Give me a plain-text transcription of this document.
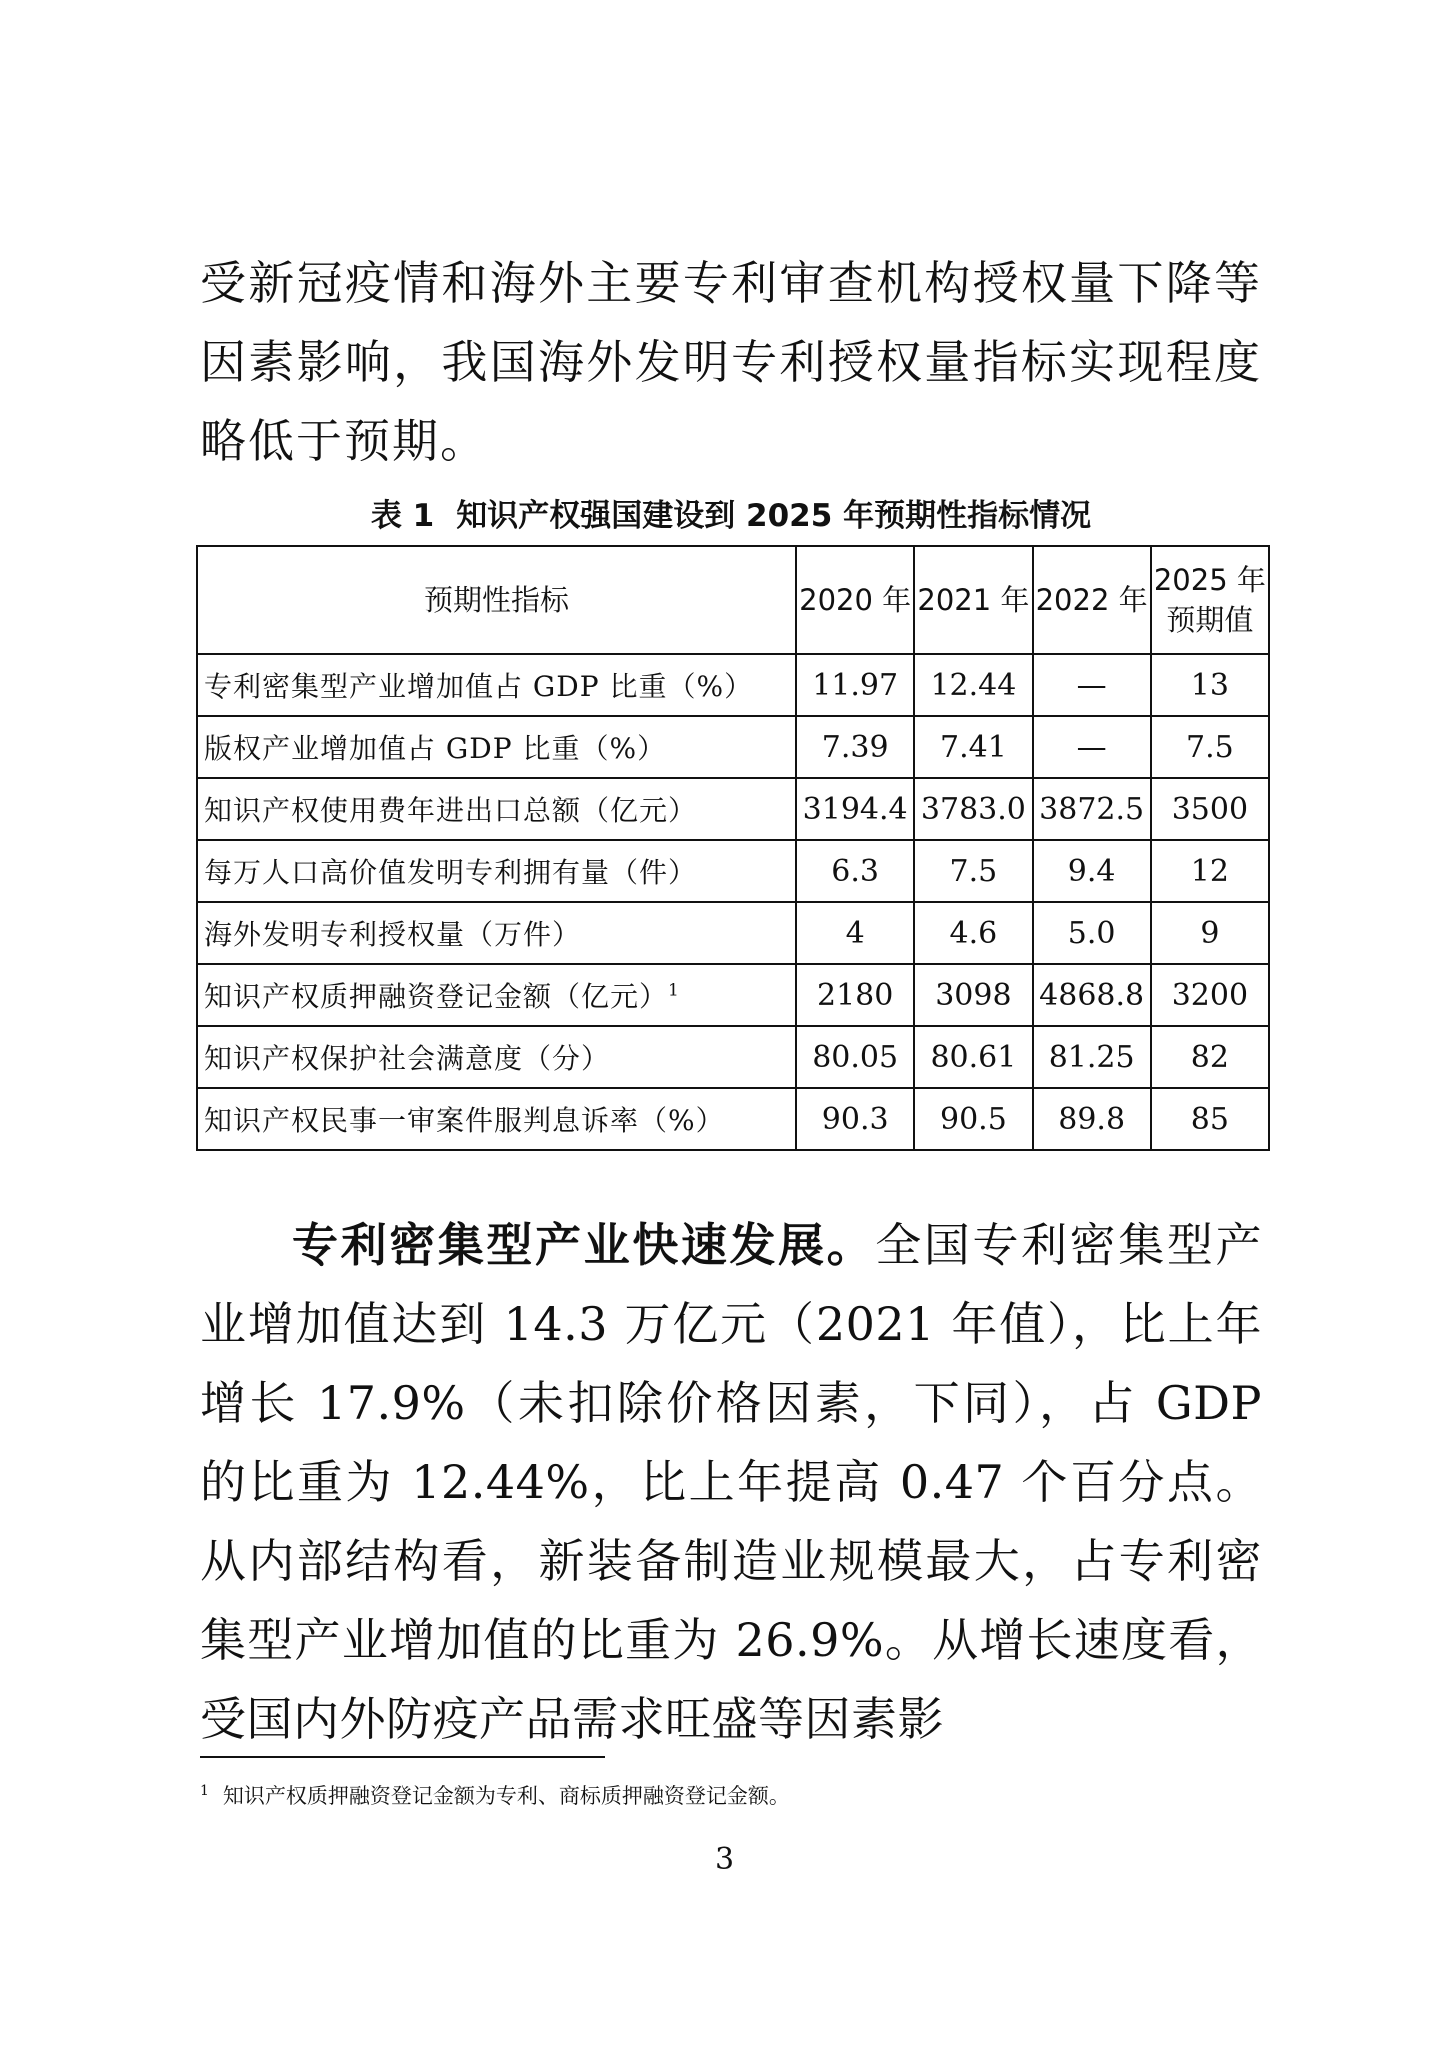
受新冠疫情和海外主要专利审查机构授权量下降等因素影响，我国海外发明专利授权量指标实现程度略低于预期。

表 1 知识产权强国建设到 2025 年预期性指标情况
预期性指标	2020 年	2021 年	2022 年	2025 年
预期值

专利密集型产业增加值占 GDP 比重（%）	11.97	12.44	—	13
版权产业增加值占 GDP 比重（%）	7.39	7.41	—	7.5
知识产权使用费年进出口总额（亿元）	3194.4	3783.0	3872.5	3500
每万人口高价值发明专利拥有量（件）	6.3	7.5	9.4	12
海外发明专利授权量（万件）	4	4.6	5.0	9
知识产权质押融资登记金额（亿元）$^1$	2180	3098	4868.8	3200
知识产权保护社会满意度（分）	80.05	80.61	81.25	82
知识产权民事一审案件服判息诉率（%）	90.3	90.5	89.8	85

专利密集型产业快速发展。全国专利密集型产业增加值达到 14.3 万亿元（2021 年值），比上年增长 17.9%（未扣除价格因素，下同），占 GDP 的比重为 12.44%，比上年提高 0.47 个百分点。从内部结构看，新装备制造业规模最大，占专利密集型产业增加值的比重为 26.9%。从增长速度看，受国内外防疫产品需求旺盛等因素影

$^1$ 知识产权质押融资登记金额为专利、商标质押融资登记金额。
3
